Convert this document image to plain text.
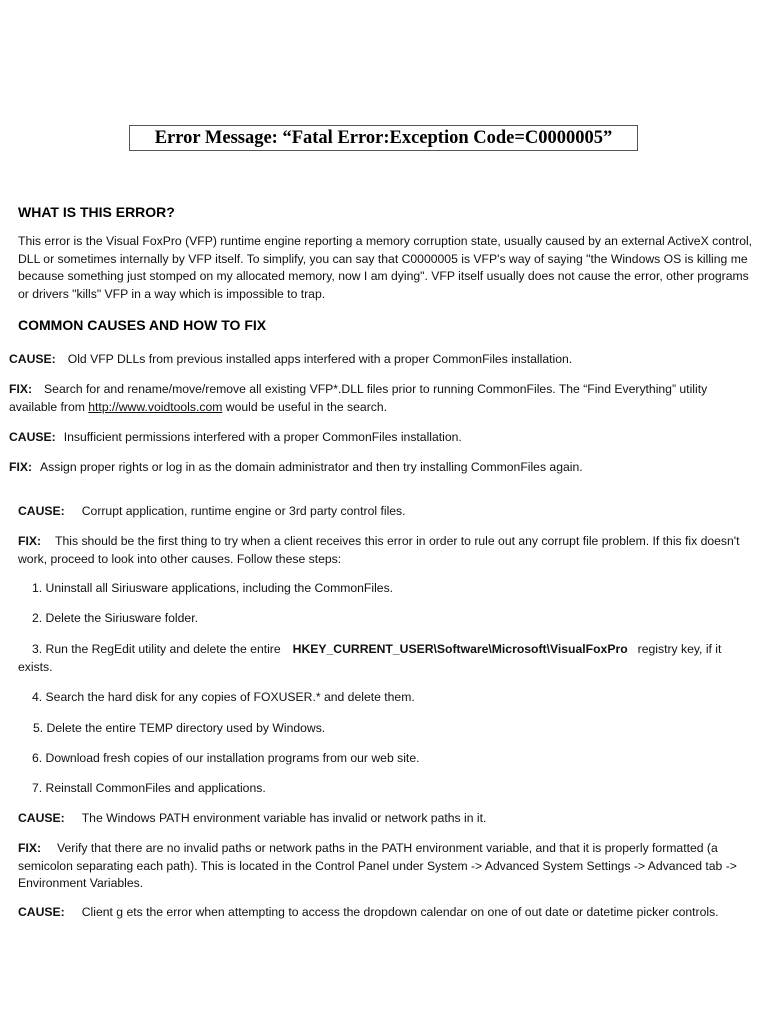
Error Message: “Fatal Error:Exception Code=C0000005”
WHAT IS THIS ERROR?
This error is the Visual FoxPro (VFP) runtime engine reporting a memory corruption state, usually caused by an external ActiveX control, DLL or sometimes internally by VFP itself. To simplify, you can say that C0000005 is VFP's way of saying "the Windows OS is killing me because something just stomped on my allocated memory, now I am dying". VFP itself usually does not cause the error, other programs or drivers "kills" VFP in a way which is impossible to trap.
COMMON CAUSES AND HOW TO FIX
CAUSE: Old VFP DLLs from previous installed apps interfered with a proper CommonFiles installation.
FIX: Search for and rename/move/remove all existing VFP*.DLL files prior to running CommonFiles. The “Find Everything” utility available from http://www.voidtools.com would be useful in the search.
CAUSE: Insufficient permissions interfered with a proper CommonFiles installation.
FIX: Assign proper rights or log in as the domain administrator and then try installing CommonFiles again.
CAUSE: Corrupt application, runtime engine or 3rd party control files.
FIX: This should be the first thing to try when a client receives this error in order to rule out any corrupt file problem. If this fix doesn't work, proceed to look into other causes. Follow these steps:
1. Uninstall all Siriusware applications, including the CommonFiles.
2. Delete the Siriusware folder.
3. Run the RegEdit utility and delete the entire HKEY_CURRENT_USER\Software\Microsoft\VisualFoxPro registry key, if it exists.
4. Search the hard disk for any copies of FOXUSER.* and delete them.
5. Delete the entire TEMP directory used by Windows.
6. Download fresh copies of our installation programs from our web site.
7. Reinstall CommonFiles and applications.
CAUSE: The Windows PATH environment variable has invalid or network paths in it.
FIX: Verify that there are no invalid paths or network paths in the PATH environment variable, and that it is properly formatted (a semicolon separating each path). This is located in the Control Panel under System -> Advanced System Settings -> Advanced tab -> Environment Variables.
CAUSE: Client g ets the error when attempting to access the dropdown calendar on one of out date or datetime picker controls.
